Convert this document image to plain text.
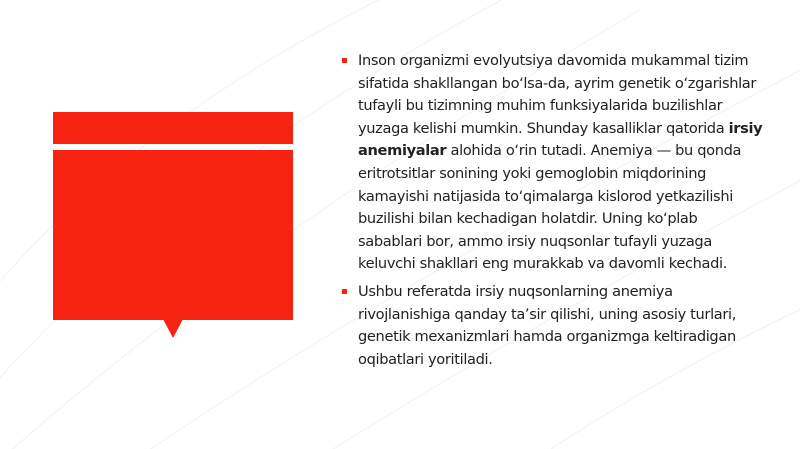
Inson organizmi evolyutsiya davomida mukammal tizim sifatida shakllangan bo‘lsa-da, ayrim genetik o‘zgarishlar tufayli bu tizimning muhim funksiyalarida buzilishlar yuzaga kelishi mumkin. Shunday kasalliklar qatorida irsiy anemiyalar alohida o‘rin tutadi. Anemiya — bu qonda eritrotsitlar sonining yoki gemoglobin miqdorining kamayishi natijasida to‘qimalarga kislorod yetkazilishi buzilishi bilan kechadigan holatdir. Uning ko‘plab sabablari bor, ammo irsiy nuqsonlar tufayli yuzaga keluvchi shakllari eng murakkab va davomli kechadi.
Ushbu referatda irsiy nuqsonlarning anemiya rivojlanishiga qanday ta’sir qilishi, uning asosiy turlari, genetik mexanizmlari hamda organizmga keltiradigan oqibatlari yoritiladi.
